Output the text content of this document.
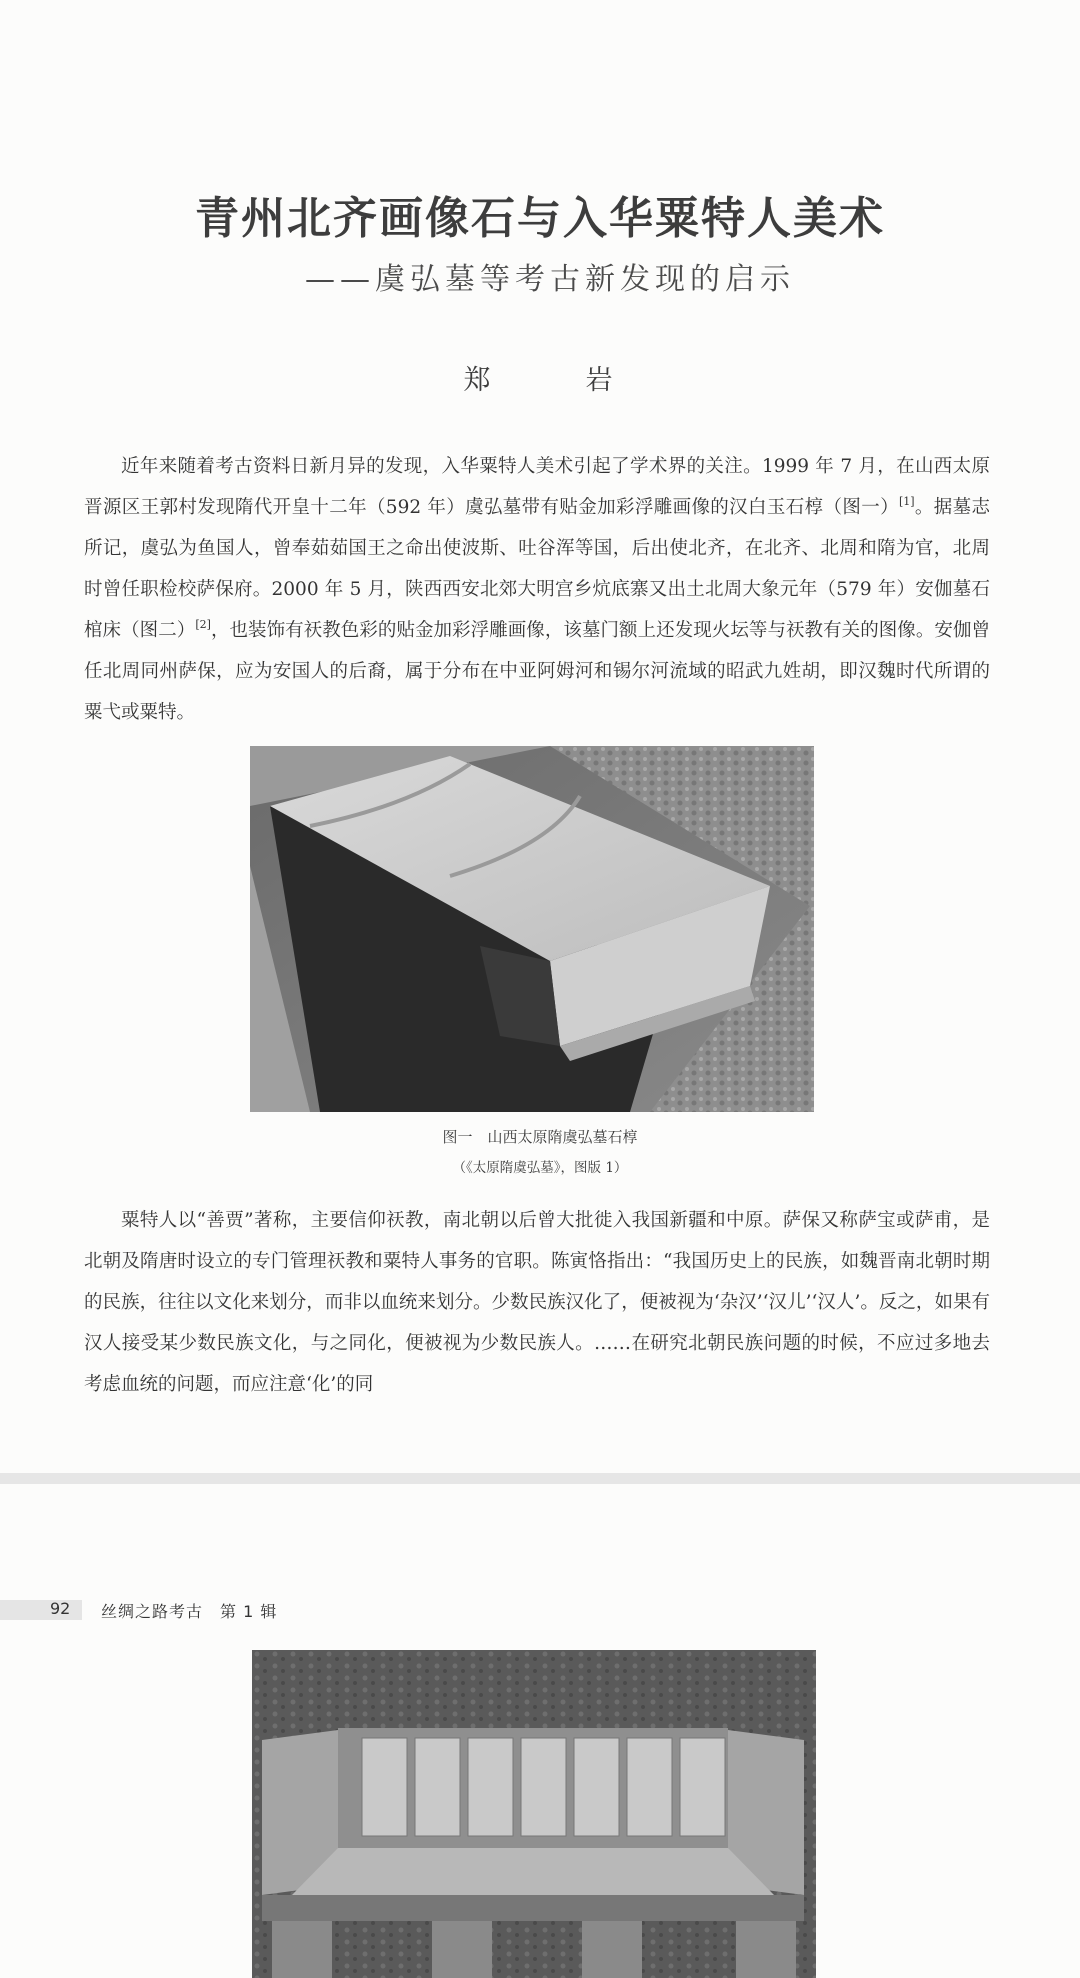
青州北齐画像石与入华粟特人美术
——虞弘墓等考古新发现的启示
郑　岩

近年来随着考古资料日新月异的发现，入华粟特人美术引起了学术界的关注。1999 年 7 月，在山西太原晋源区王郭村发现隋代开皇十二年（592 年）虞弘墓带有贴金加彩浮雕画像的汉白玉石椁（图一）[1]。据墓志所记，虞弘为鱼国人，曾奉茹茹国王之命出使波斯、吐谷浑等国，后出使北齐，在北齐、北周和隋为官，北周时曾任职检校萨保府。2000 年 5 月，陕西西安北郊大明宫乡炕底寨又出土北周大象元年（579 年）安伽墓石棺床（图二）[2]，也装饰有祆教色彩的贴金加彩浮雕画像，该墓门额上还发现火坛等与祆教有关的图像。安伽曾任北周同州萨保，应为安国人的后裔，属于分布在中亚阿姆河和锡尔河流域的昭武九姓胡，即汉魏时代所谓的粟弋或粟特。

图一　山西太原隋虞弘墓石椁
（《太原隋虞弘墓》，图版 1）

粟特人以“善贾”著称，主要信仰祆教，南北朝以后曾大批徙入我国新疆和中原。萨保又称萨宝或萨甫，是北朝及隋唐时设立的专门管理祆教和粟特人事务的官职。陈寅恪指出：“我国历史上的民族，如魏晋南北朝时期的民族，往往以文化来划分，而非以血统来划分。少数民族汉化了，便被视为‘杂汉’‘汉儿’‘汉人’。反之，如果有汉人接受某少数民族文化，与之同化，便被视为少数民族人。……在研究北朝民族问题的时候，不应过多地去考虑血统的问题，而应注意‘化’的同

92 丝绸之路考古　第 1 辑
